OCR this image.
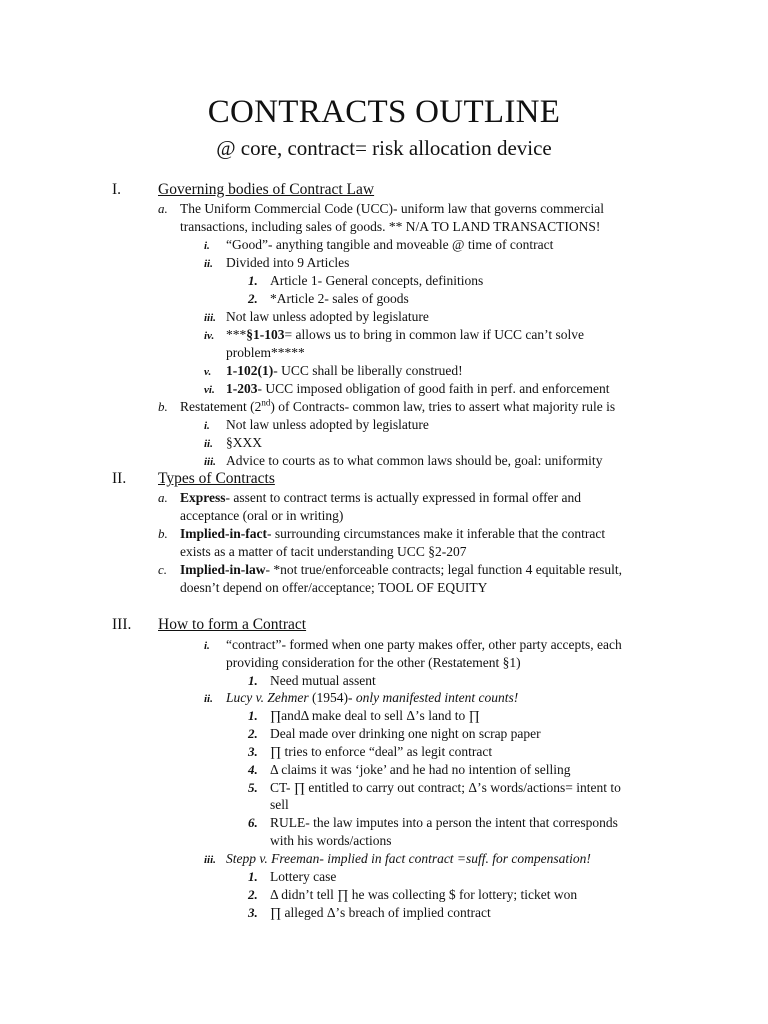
CONTRACTS OUTLINE
@ core, contract= risk allocation device
I. Governing bodies of Contract Law
a. The Uniform Commercial Code (UCC)- uniform law that governs commercial
transactions, including sales of goods. ** N/A TO LAND TRANSACTIONS!
i. “Good”- anything tangible and moveable @ time of contract
ii. Divided into 9 Articles
1. Article 1- General concepts, definitions
2. *Article 2- sales of goods
iii. Not law unless adopted by legislature
iv. ***§1-103= allows us to bring in common law if UCC can’t solve
problem*****
v. 1-102(1)- UCC shall be liberally construed!
vi. 1-203- UCC imposed obligation of good faith in perf. and enforcement
b. Restatement (2nd) of Contracts- common law, tries to assert what majority rule is
i. Not law unless adopted by legislature
ii. §XXX
iii. Advice to courts as to what common laws should be, goal: uniformity
II. Types of Contracts
a. Express- assent to contract terms is actually expressed in formal offer and
acceptance (oral or in writing)
b. Implied-in-fact- surrounding circumstances make it inferable that the contract
exists as a matter of tacit understanding UCC §2-207
c. Implied-in-law- *not true/enforceable contracts; legal function 4 equitable result,
doesn’t depend on offer/acceptance; TOOL OF EQUITY
III. How to form a Contract
i. “contract”- formed when one party makes offer, other party accepts, each
providing consideration for the other (Restatement §1)
1. Need mutual assent
ii. Lucy v. Zehmer (1954)- only manifested intent counts!
1. ∏andΔ make deal to sell Δ’s land to ∏
2. Deal made over drinking one night on scrap paper
3. ∏ tries to enforce “deal” as legit contract
4. Δ claims it was ‘joke’ and he had no intention of selling
5. CT- ∏ entitled to carry out contract; Δ’s words/actions= intent to
sell
6. RULE- the law imputes into a person the intent that corresponds
with his words/actions
iii. Stepp v. Freeman- implied in fact contract =suff. for compensation!
1. Lottery case
2. Δ didn’t tell ∏ he was collecting $ for lottery; ticket won
3. ∏ alleged Δ’s breach of implied contract
